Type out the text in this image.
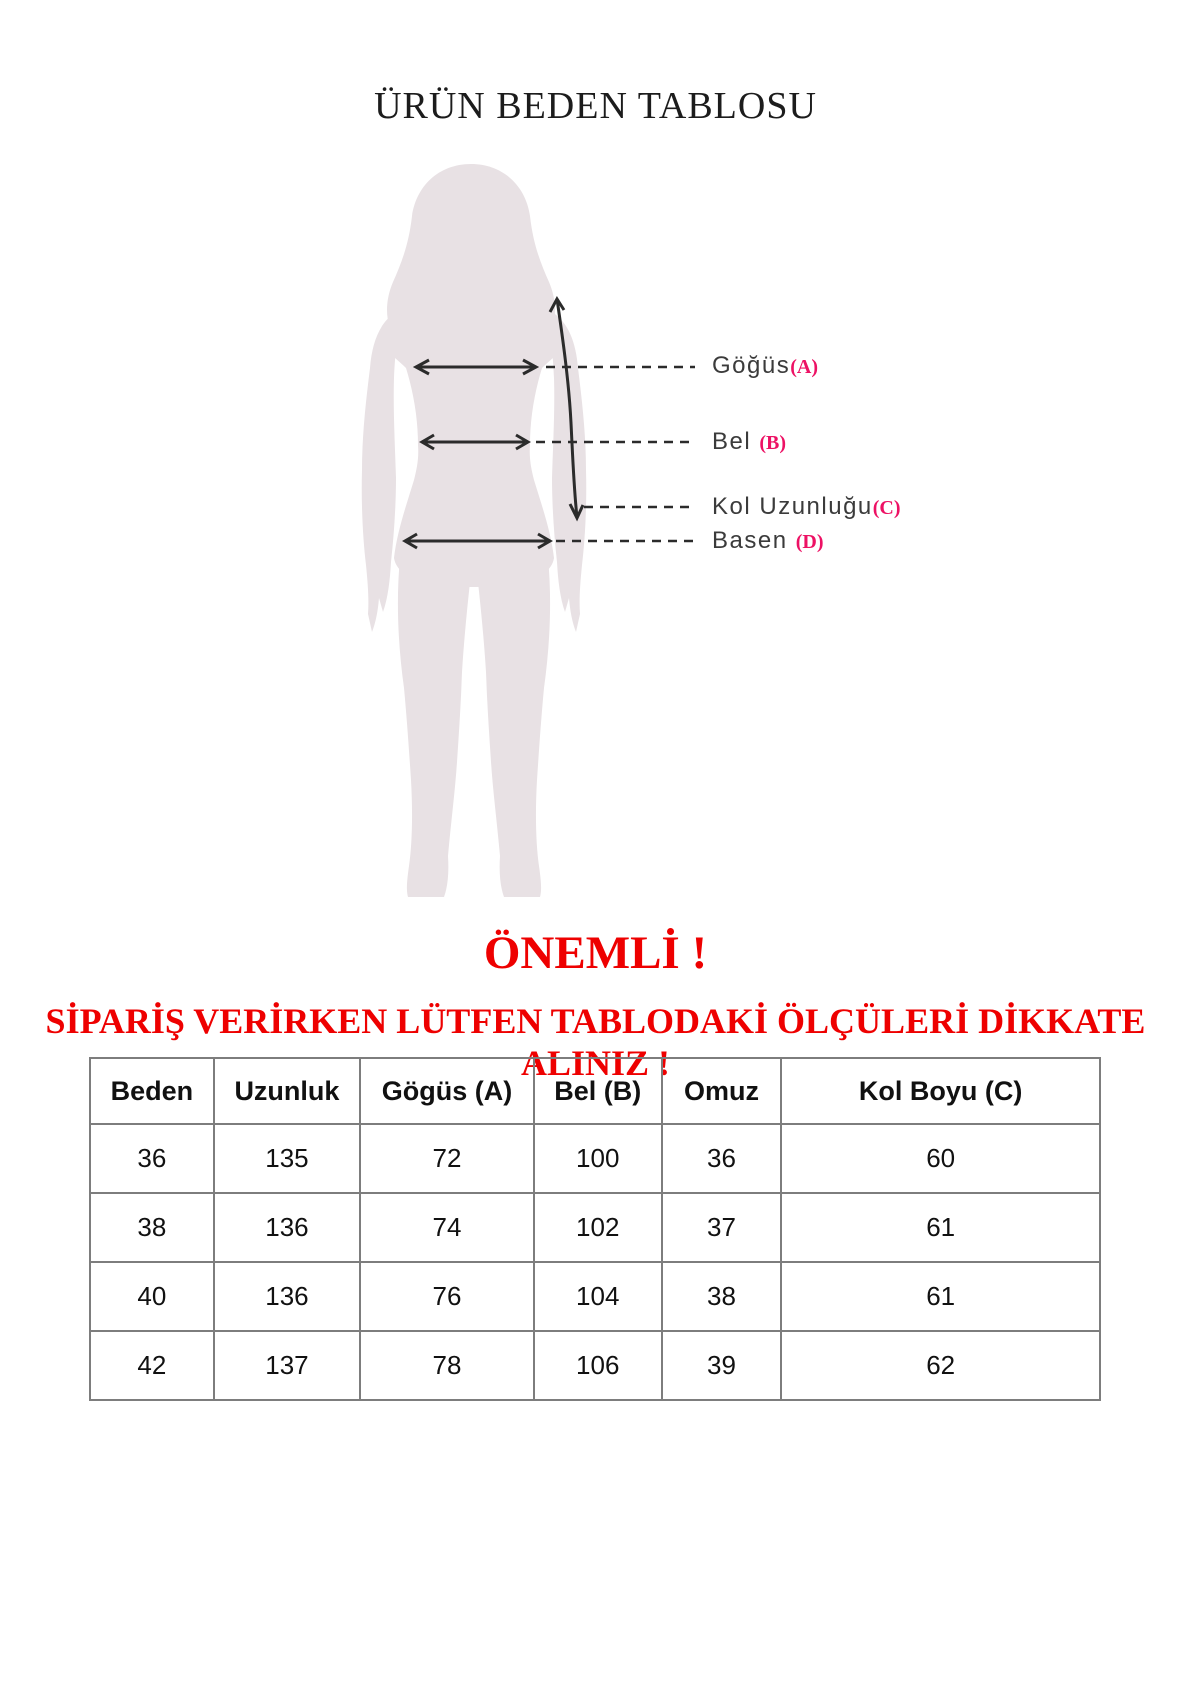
ÜRÜN BEDEN TABLOSU
Göğüs(A)
Bel (B)
Kol Uzunluğu(C)
Basen (D)
ÖNEMLİ !
SİPARİŞ VERİRKEN LÜTFEN TABLODAKİ ÖLÇÜLERİ DİKKATE ALINIZ !
Beden	Uzunluk	Gögüs (A)	Bel (B)	Omuz	Kol Boyu (C)
36	135	72	100	36	60
38	136	74	102	37	61
40	136	76	104	38	61
42	137	78	106	39	62
